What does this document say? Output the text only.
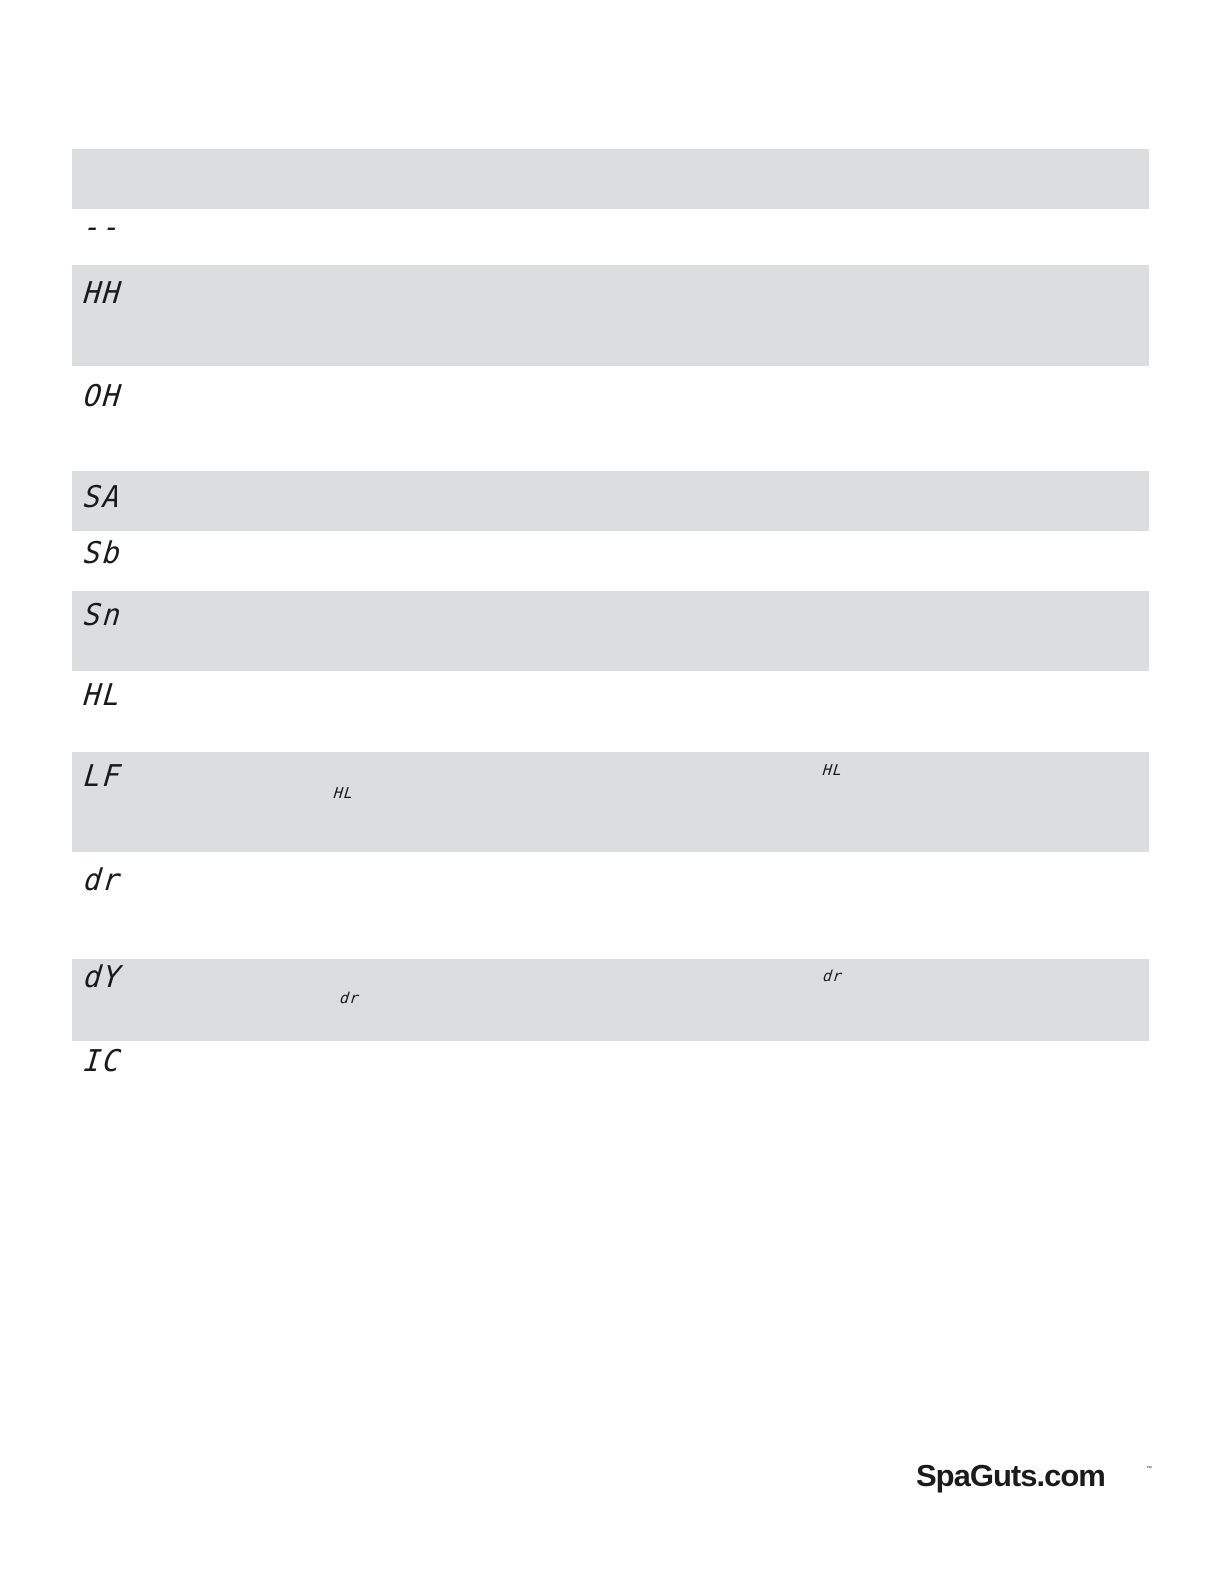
--
HH
OH
SA
Sb
Sn
HL
LF	HL
HL
dr
dY
dr
dr
IC
SpaGuts.com	™
